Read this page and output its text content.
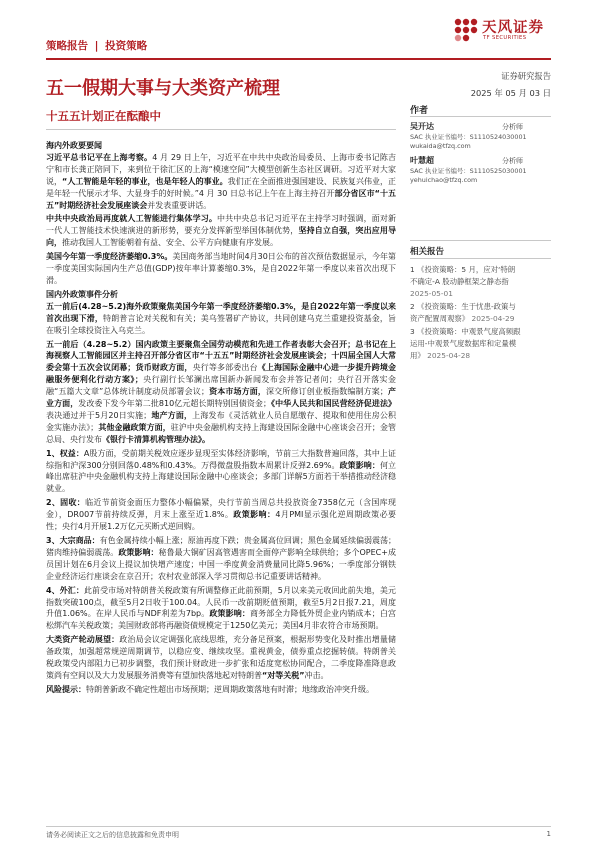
天风证券
TF SECURITIES
策略报告 | 投资策略
五一假期大事与大类资产梳理
证券研究报告
2025 年 05 月 03 日
十五五计划正在酝酿中

海内外政要要闻

习近平总书记平在上海考察。4 月 29 日上午，习近平在中共中央政治局委员、上海市委书记陈吉宁和市长龚正陪同下，来到位于徐汇区的上海“模速空间”大模型创新生态社区调研。习近平对大家说，“人工智能是年轻的事业，也是年轻人的事业。我们正在全面推进强国建设、民族复兴伟业，正是年轻一代展示才华、大显身手的好时候。”4 月 30 日总书记上午在上海主持召开部分省区市“十五五”时期经济社会发展座谈会并发表重要讲话。

中共中央政治局再度就人工智能进行集体学习。中共中央总书记习近平在主持学习时强调，面对新一代人工智能技术快速演进的新形势，要充分发挥新型举国体制优势，坚持自立自强，突出应用导向，推动我国人工智能朝着有益、安全、公平方向健康有序发展。

美国今年第一季度经济萎缩0.3%。美国商务部当地时间4月30日公布的首次预估数据显示，今年第一季度美国实际国内生产总值(GDP)按年率计算萎缩0.3%，是自2022年第一季度以来首次出现下滑。

国内外政策事件分析

五一前后(4.28~5.2)海外政策聚焦美国今年第一季度经济萎缩0.3%，是自2022年第一季度以来首次出现下滑，特朗普言论对关税和有关；美乌签署矿产协议，共同创建乌克兰重建投资基金，旨在吸引全球投资注入乌克兰。

五一前后（4.28~5.2）国内政策主要聚焦全国劳动模范和先进工作者表彰大会召开；总书记在上海视察人工智能园区并主持召开部分省区市“十五五”时期经济社会发展座谈会；十四届全国人大常委会第十五次会议闭幕；货币财政方面，央行等多部委出台《上海国际金融中心进一步提升跨境金融服务便利化行动方案》；央行副行长邹澜出席国新办新闻发布会并答记者问；央行召开落实金融“五篇大文章”总体统计制度动员部署会议；资本市场方面，深交所修订创业板指数编制方案；产业方面，发改委下发今年第二批810亿元超长期特别国债资金；《中华人民共和国民营经济促进法》表决通过并于5月20日实施；地产方面，上海发布《灵活就业人员自愿缴存、提取和使用住房公积金实施办法》；其他金融政策方面，驻沪中央金融机构支持上海建设国际金融中心座谈会召开；金管总局、央行发布《银行卡清算机构管理办法》。

1、权益：A股方面，受前期关税效应逐步显现至实体经济影响，节前三大指数普遍回落，其中上证综指和沪深300分别回落0.48%和0.43%。万得微盘股指数本周累计反弹2.69%。政策影响：何立峰出席驻沪中央金融机构支持上海建设国际金融中心座谈会；多部门详解5方面若干举措推动经济稳就业。

2、固收：临近节前资金面压力整体小幅偏紧，央行节前当周总共投放资金7358亿元（含国库现金），DR007节前持续反弹，月末上涨至近1.8%。政策影响：4月PMI显示强化逆周期政策必要性；央行4月开展1.2万亿元买断式逆回购。

3、大宗商品：有色金属持续小幅上涨；原油再度下跌；贵金属高位回调；黑色金属延续偏弱震荡；猪肉维持偏弱震荡。政策影响：秘鲁最大铜矿因高管遇害而全面停产影响全球供给；多个OPEC+成员国计划在6月会议上提议加快增产速度；中国一季度黄金消费量同比降5.96%；一季度部分钢铁企业经济运行座谈会在京召开；农村农业部深入学习贯彻总书记重要讲话精神。

4、外汇：此前受市场对特朗普关税政策有所调整修正此前预期，5月以来美元收回此前失地，美元指数突破100点，截至5月2日收于100.04。人民币一改前期贬值预期，截至5月2日报7.21，周度升值1.06%。在岸人民币与NDF利差为7bp。政策影响：商务部全力降低外贸企业内销成本；白宫松绑汽车关税政策；美国财政部将再融资债规模定于1250亿美元；美国4月非农符合市场预期。

大类资产轮动展望：政治局会议定调强化底线思维，充分备足预案，根据形势变化及时推出增量储备政策，加强超常规逆周期调节，以稳应变、继续攻坚。重视黄金，债券重点挖掘转债。特朗普关税政策受内部阻力已初步调整，我们预计财政进一步扩张和适度宽松协同配合，二季度降准降息政策尚有空间以及大力发展服务消费等有望加快落地起对特朗普“对等关税”冲击。

风险提示：特朗普新政不确定性超出市场预期；逆周期政策落地有时滞；地缘政治冲突升级。

作者
吴开达	分析师
SAC 执业证书编号：S1110524030001
wukaida@tfzq.com
叶慧超	分析师
SAC 执业证书编号：S1110525030001
yehuichao@tfzq.com
相关报告
1 《投资策略：5 月，应对‘特朗
不确定-A 股动静框架之静态指
2025-05-01
2 《投资策略：生于忧患-政策与
资产配置周观察》 2025-04-29
3 《投资策略：中观景气度高频跟
运用-中观景气度数据库和定量模
用》 2025-04-28
请务必阅读正文之后的信息披露和免责申明	1
